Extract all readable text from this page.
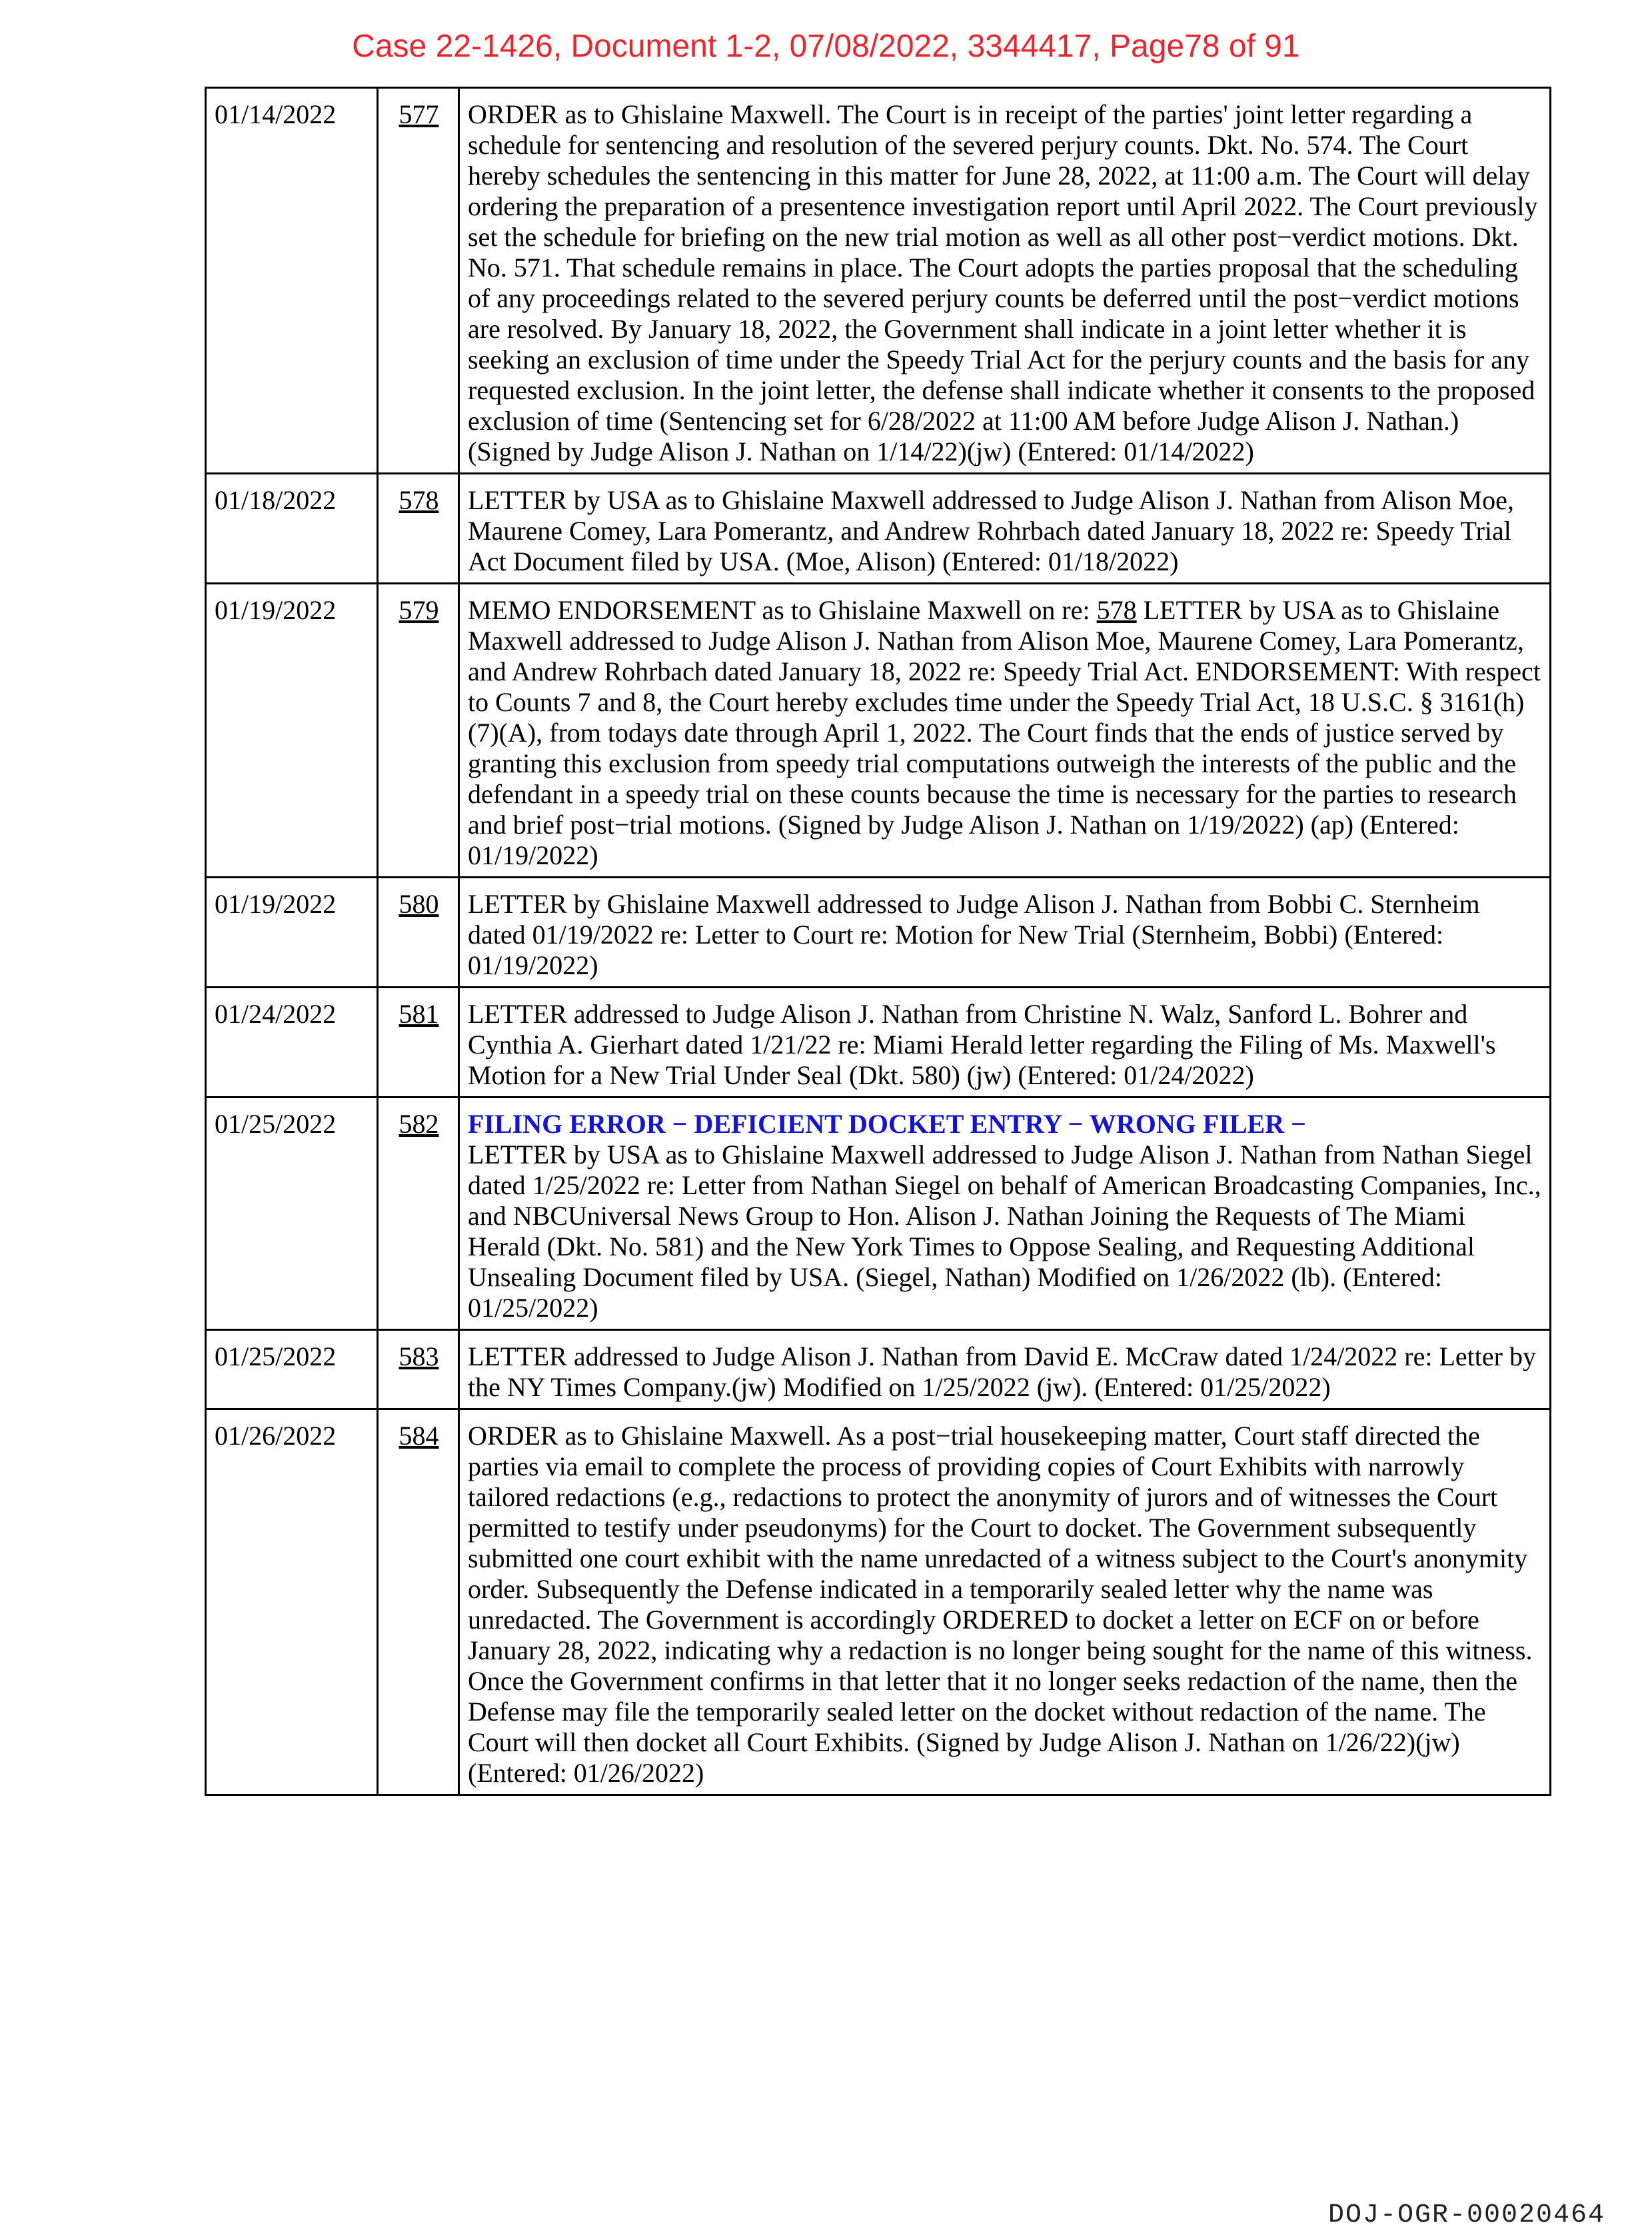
Case 22-1426, Document 1-2, 07/08/2022, 3344417, Page78 of 91
01/14/2022	577	ORDER as to Ghislaine Maxwell. The Court is in receipt of the parties' joint letter regarding a schedule for sentencing and resolution of the severed perjury counts. Dkt. No. 574. The Court hereby schedules the sentencing in this matter for June 28, 2022, at 11:00 a.m. The Court will delay ordering the preparation of a presentence investigation report until April 2022. The Court previously set the schedule for briefing on the new trial motion as well as all other post−verdict motions. Dkt. No. 571. That schedule remains in place. The Court adopts the parties proposal that the scheduling of any proceedings related to the severed perjury counts be deferred until the post−verdict motions are resolved. By January 18, 2022, the Government shall indicate in a joint letter whether it is seeking an exclusion of time under the Speedy Trial Act for the perjury counts and the basis for any requested exclusion. In the joint letter, the defense shall indicate whether it consents to the proposed exclusion of time (Sentencing set for 6/28/2022 at 11:00 AM before Judge Alison J. Nathan.) (Signed by Judge Alison J. Nathan on 1/14/22)(jw) (Entered: 01/14/2022)
01/18/2022	578	LETTER by USA as to Ghislaine Maxwell addressed to Judge Alison J. Nathan from Alison Moe, Maurene Comey, Lara Pomerantz, and Andrew Rohrbach dated January 18, 2022 re: Speedy Trial Act Document filed by USA. (Moe, Alison) (Entered: 01/18/2022)
01/19/2022	579	MEMO ENDORSEMENT as to Ghislaine Maxwell on re: 578 LETTER by USA as to Ghislaine Maxwell addressed to Judge Alison J. Nathan from Alison Moe, Maurene Comey, Lara Pomerantz, and Andrew Rohrbach dated January 18, 2022 re: Speedy Trial Act. ENDORSEMENT: With respect to Counts 7 and 8, the Court hereby excludes time under the Speedy Trial Act, 18 U.S.C. § 3161(h)(7)(A), from todays date through April 1, 2022. The Court finds that the ends of justice served by granting this exclusion from speedy trial computations outweigh the interests of the public and the defendant in a speedy trial on these counts because the time is necessary for the parties to research and brief post−trial motions. (Signed by Judge Alison J. Nathan on 1/19/2022) (ap) (Entered: 01/19/2022)
01/19/2022	580	LETTER by Ghislaine Maxwell addressed to Judge Alison J. Nathan from Bobbi C. Sternheim dated 01/19/2022 re: Letter to Court re: Motion for New Trial (Sternheim, Bobbi) (Entered: 01/19/2022)
01/24/2022	581	LETTER addressed to Judge Alison J. Nathan from Christine N. Walz, Sanford L. Bohrer and Cynthia A. Gierhart dated 1/21/22 re: Miami Herald letter regarding the Filing of Ms. Maxwell's Motion for a New Trial Under Seal (Dkt. 580) (jw) (Entered: 01/24/2022)
01/25/2022	582	FILING ERROR − DEFICIENT DOCKET ENTRY − WRONG FILER −
LETTER by USA as to Ghislaine Maxwell addressed to Judge Alison J. Nathan from Nathan Siegel dated 1/25/2022 re: Letter from Nathan Siegel on behalf of American Broadcasting Companies, Inc., and NBCUniversal News Group to Hon. Alison J. Nathan Joining the Requests of The Miami Herald (Dkt. No. 581) and the New York Times to Oppose Sealing, and Requesting Additional Unsealing Document filed by USA. (Siegel, Nathan) Modified on 1/26/2022 (lb). (Entered: 01/25/2022)
01/25/2022	583	LETTER addressed to Judge Alison J. Nathan from David E. McCraw dated 1/24/2022 re: Letter by the NY Times Company.(jw) Modified on 1/25/2022 (jw). (Entered: 01/25/2022)
01/26/2022	584	ORDER as to Ghislaine Maxwell. As a post−trial housekeeping matter, Court staff directed the parties via email to complete the process of providing copies of Court Exhibits with narrowly tailored redactions (e.g., redactions to protect the anonymity of jurors and of witnesses the Court permitted to testify under pseudonyms) for the Court to docket. The Government subsequently submitted one court exhibit with the name unredacted of a witness subject to the Court's anonymity order. Subsequently the Defense indicated in a temporarily sealed letter why the name was unredacted. The Government is accordingly ORDERED to docket a letter on ECF on or before January 28, 2022, indicating why a redaction is no longer being sought for the name of this witness. Once the Government confirms in that letter that it no longer seeks redaction of the name, then the Defense may file the temporarily sealed letter on the docket without redaction of the name. The Court will then docket all Court Exhibits. (Signed by Judge Alison J. Nathan on 1/26/22)(jw) (Entered: 01/26/2022)
DOJ-OGR-00020464
